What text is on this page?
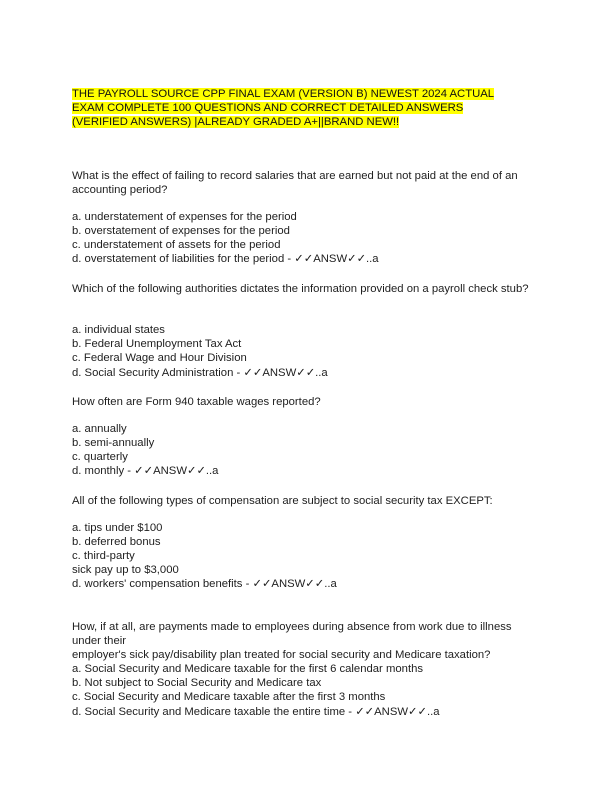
THE PAYROLL SOURCE CPP FINAL EXAM (VERSION B) NEWEST 2024 ACTUAL
EXAM COMPLETE 100 QUESTIONS AND CORRECT DETAILED ANSWERS
(VERIFIED ANSWERS) |ALREADY GRADED A+||BRAND NEW!!
What is the effect of failing to record salaries that are earned but not paid at the end of an accounting period?
a. understatement of expenses for the period
b. overstatement of expenses for the period
c. understatement of assets for the period
d. overstatement of liabilities for the period - ✓✓ANSW✓✓..a
Which of the following authorities dictates the information provided on a payroll check stub?
a. individual states
b. Federal Unemployment Tax Act
c. Federal Wage and Hour Division
d. Social Security Administration - ✓✓ANSW✓✓..a
How often are Form 940 taxable wages reported?
a. annually
b. semi-annually
c. quarterly
d. monthly - ✓✓ANSW✓✓..a
All of the following types of compensation are subject to social security tax EXCEPT:
a. tips under $100
b. deferred bonus
c. third-party
sick pay up to $3,000
d. workers' compensation benefits - ✓✓ANSW✓✓..a
How, if at all, are payments made to employees during absence from work due to illness
under their
employer's sick pay/disability plan treated for social security and Medicare taxation?
a. Social Security and Medicare taxable for the first 6 calendar months
b. Not subject to Social Security and Medicare tax
c. Social Security and Medicare taxable after the first 3 months
d. Social Security and Medicare taxable the entire time - ✓✓ANSW✓✓..a
